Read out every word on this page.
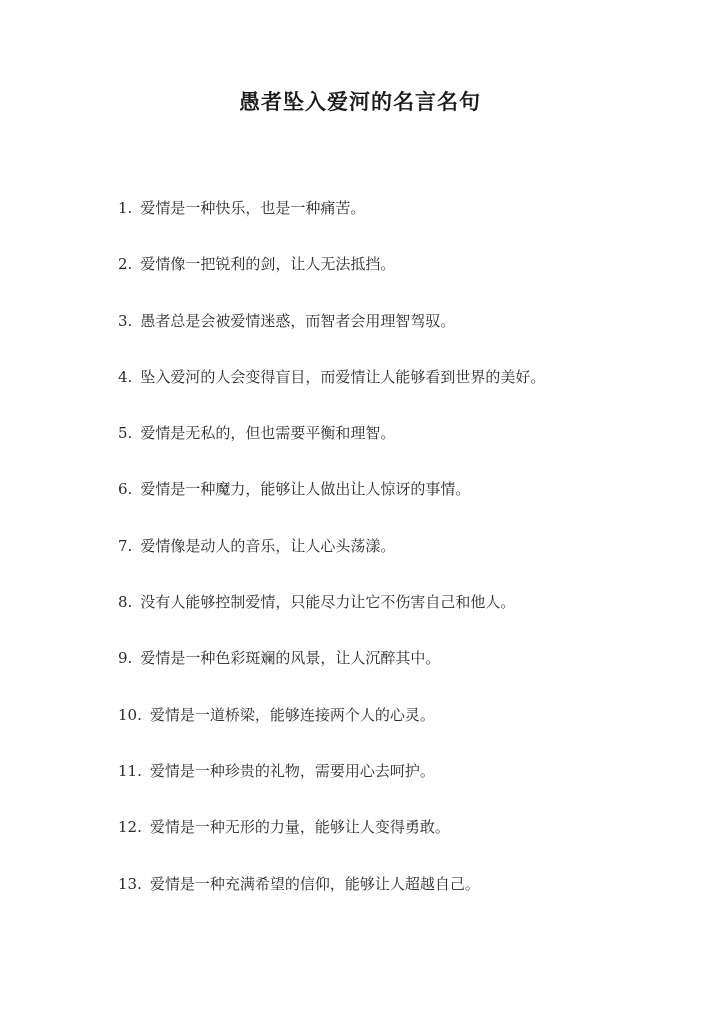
愚者坠入爱河的名言名句
1. 爱情是一种快乐，也是一种痛苦。
2. 爱情像一把锐利的剑，让人无法抵挡。
3. 愚者总是会被爱情迷惑，而智者会用理智驾驭。
4. 坠入爱河的人会变得盲目，而爱情让人能够看到世界的美好。
5. 爱情是无私的，但也需要平衡和理智。
6. 爱情是一种魔力，能够让人做出让人惊讶的事情。
7. 爱情像是动人的音乐，让人心头荡漾。
8. 没有人能够控制爱情，只能尽力让它不伤害自己和他人。
9. 爱情是一种色彩斑斓的风景，让人沉醉其中。
10. 爱情是一道桥梁，能够连接两个人的心灵。
11. 爱情是一种珍贵的礼物，需要用心去呵护。
12. 爱情是一种无形的力量，能够让人变得勇敢。
13. 爱情是一种充满希望的信仰，能够让人超越自己。
